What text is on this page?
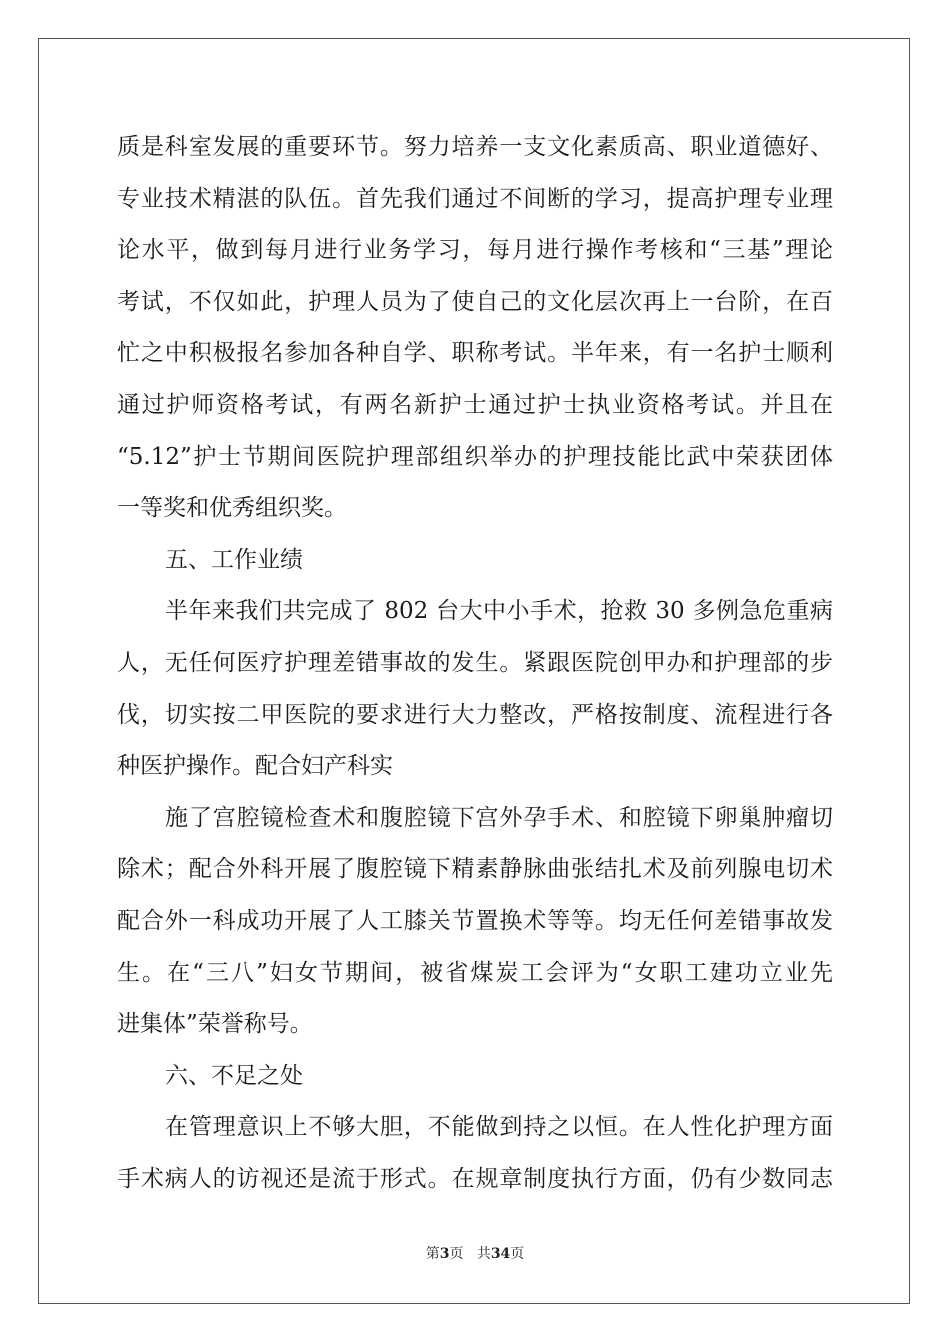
质是科室发展的重要环节。努力培养一支文化素质高、职业道德好、
专业技术精湛的队伍。首先我们通过不间断的学习，提高护理专业理
论水平，做到每月进行业务学习，每月进行操作考核和“三基”理论
考试，不仅如此，护理人员为了使自己的文化层次再上一台阶，在百
忙之中积极报名参加各种自学、职称考试。半年来，有一名护士顺利
通过护师资格考试，有两名新护士通过护士执业资格考试。并且在
“5.12”护士节期间医院护理部组织举办的护理技能比武中荣获团体
一等奖和优秀组织奖。
五、工作业绩
半年来我们共完成了 802 台大中小手术，抢救 30 多例急危重病
人，无任何医疗护理差错事故的发生。紧跟医院创甲办和护理部的步
伐，切实按二甲医院的要求进行大力整改，严格按制度、流程进行各
种医护操作。配合妇产科实
施了宫腔镜检查术和腹腔镜下宫外孕手术、和腔镜下卵巢肿瘤切
除术；配合外科开展了腹腔镜下精素静脉曲张结扎术及前列腺电切术
配合外一科成功开展了人工膝关节置换术等等。均无任何差错事故发
生。在“三八”妇女节期间，被省煤炭工会评为“女职工建功立业先
进集体”荣誉称号。
六、不足之处
在管理意识上不够大胆，不能做到持之以恒。在人性化护理方面
手术病人的访视还是流于形式。在规章制度执行方面，仍有少数同志
第3页 共34页
